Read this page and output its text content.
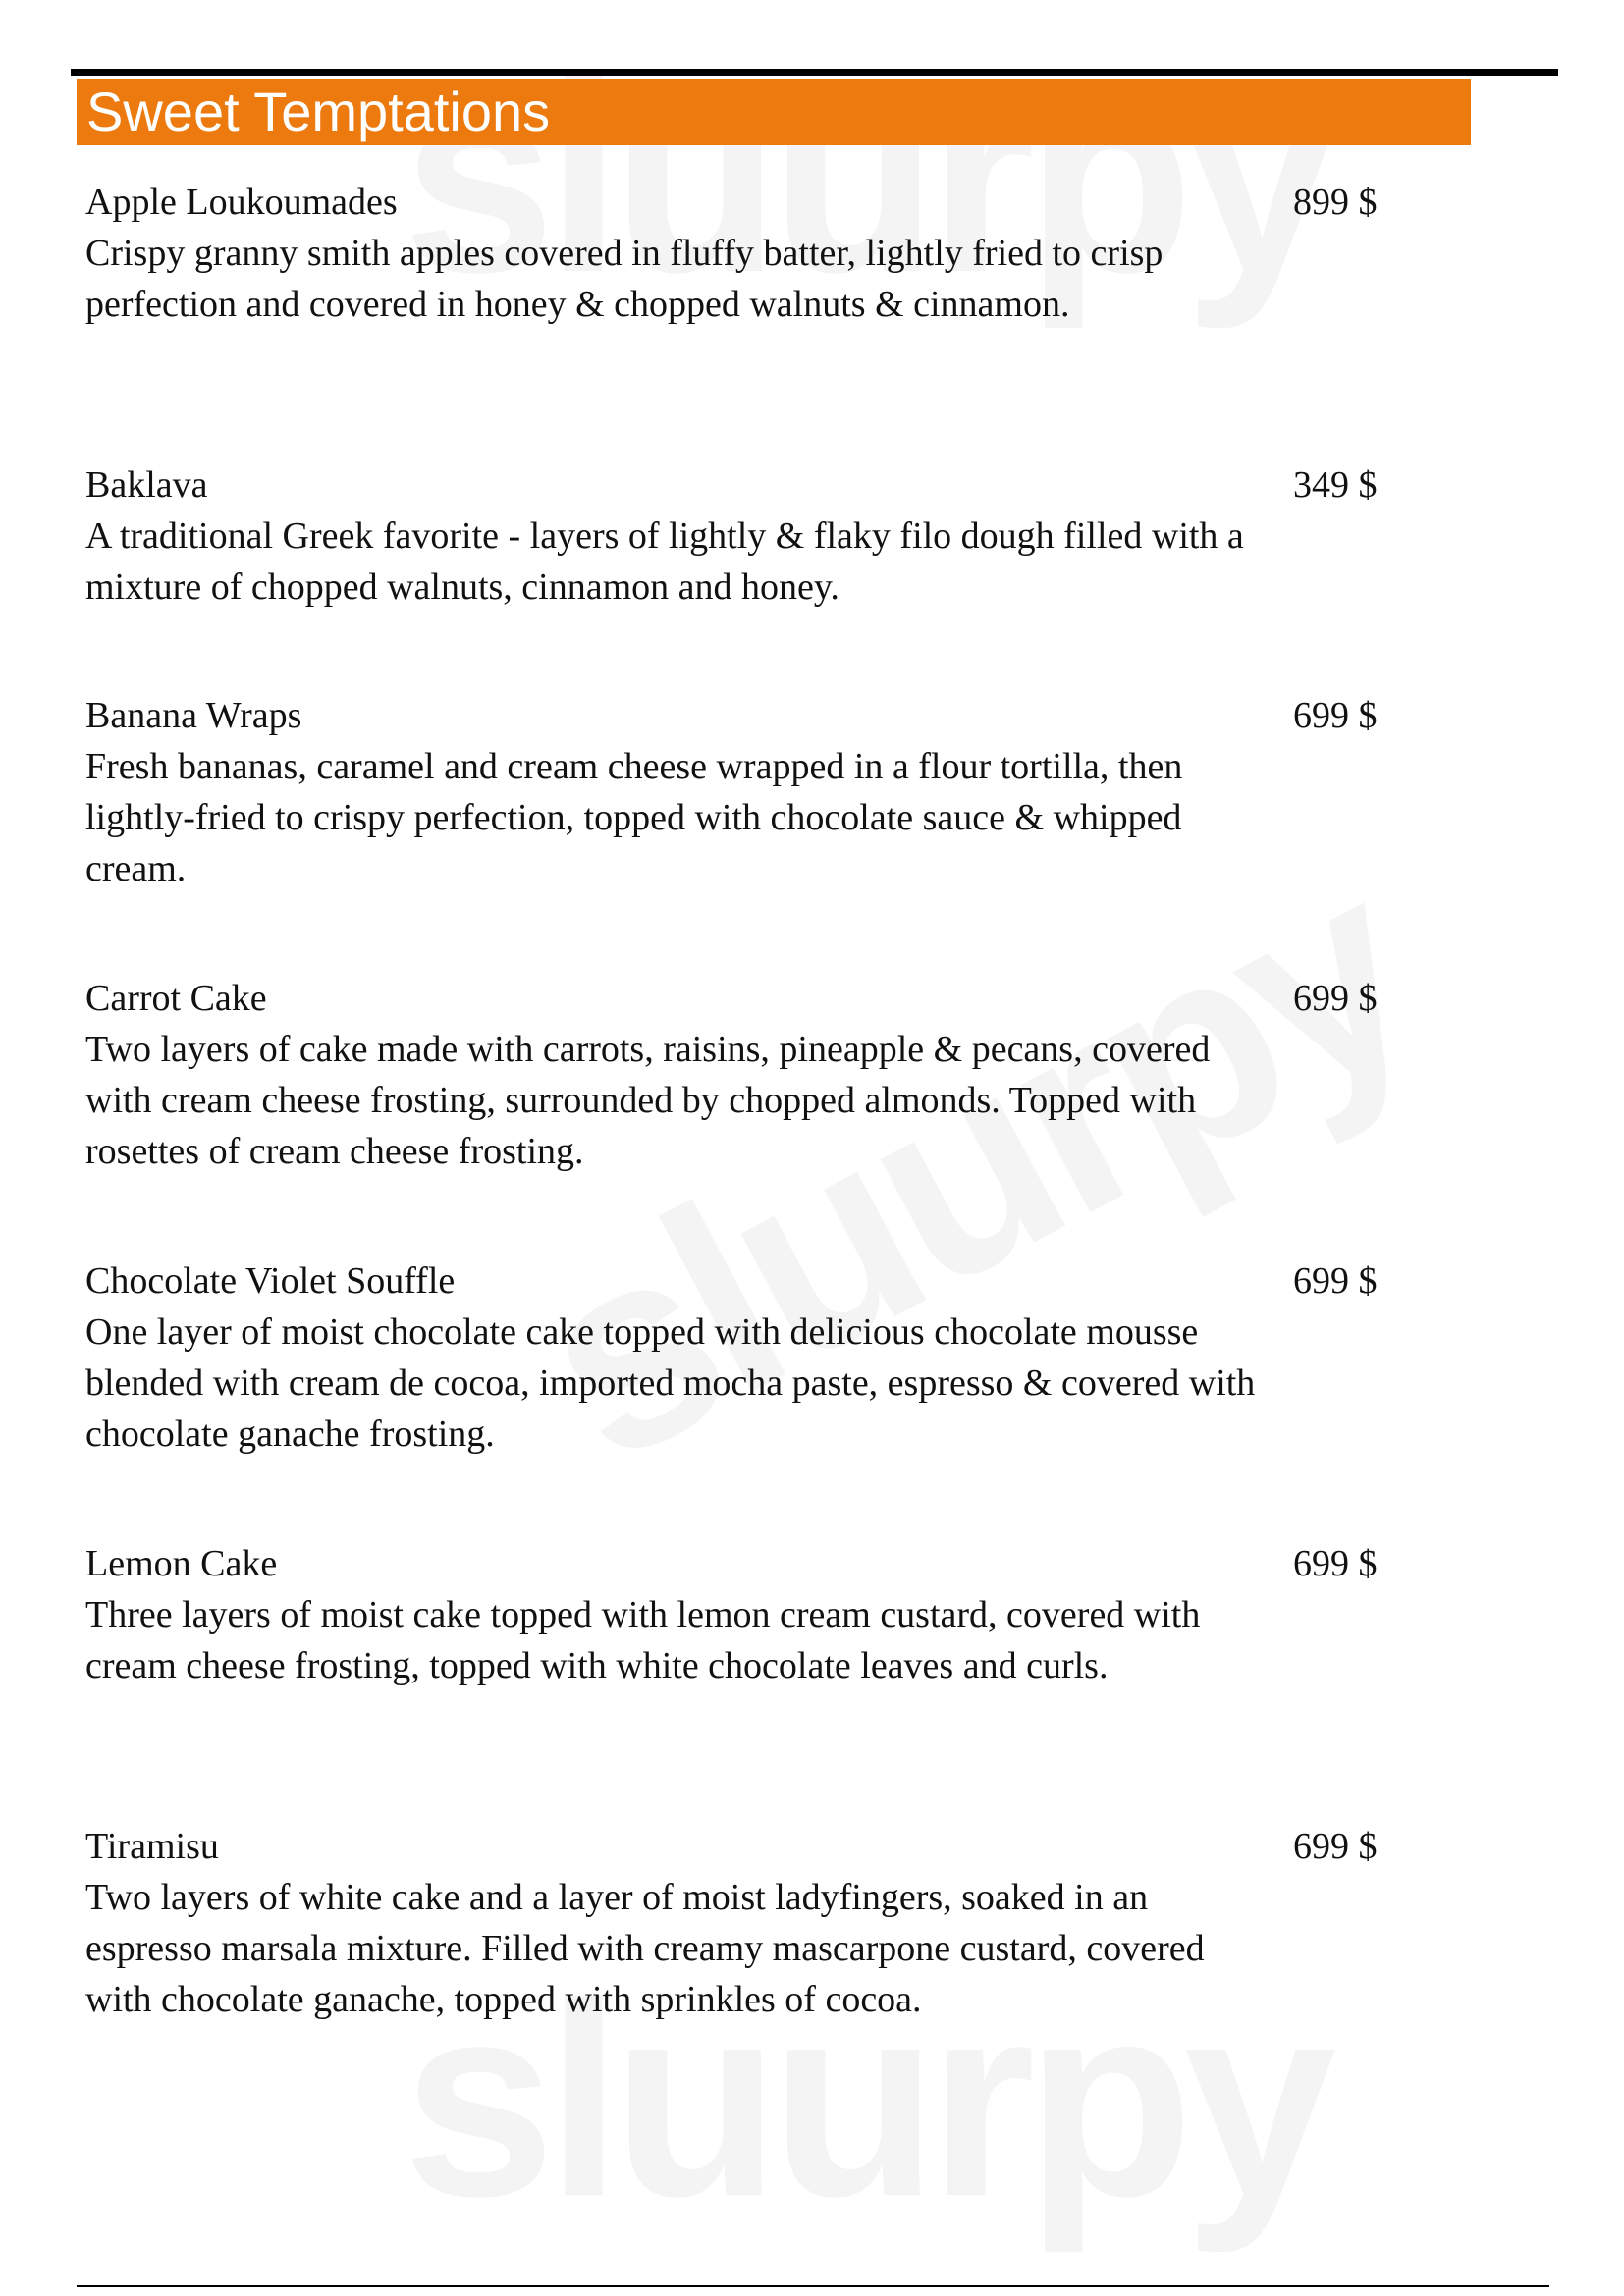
Sweet Temptations
Apple Loukoumades	899 $
Crispy granny smith apples covered in fluffy batter, lightly fried to crisp perfection and covered in honey & chopped walnuts & cinnamon.
Baklava	349 $
A traditional Greek favorite - layers of lightly & flaky filo dough filled with a mixture of chopped walnuts, cinnamon and honey.
Banana Wraps	699 $
Fresh bananas, caramel and cream cheese wrapped in a flour tortilla, then lightly-fried to crispy perfection, topped with chocolate sauce & whipped cream.
Carrot Cake	699 $
Two layers of cake made with carrots, raisins, pineapple & pecans, covered with cream cheese frosting, surrounded by chopped almonds. Topped with rosettes of cream cheese frosting.
Chocolate Violet Souffle	699 $
One layer of moist chocolate cake topped with delicious chocolate mousse blended with cream de cocoa, imported mocha paste, espresso & covered with chocolate ganache frosting.
Lemon Cake	699 $
Three layers of moist cake topped with lemon cream custard, covered with cream cheese frosting, topped with white chocolate leaves and curls.
Tiramisu	699 $
Two layers of white cake and a layer of moist ladyfingers, soaked in an espresso marsala mixture. Filled with creamy mascarpone custard, covered with chocolate ganache, topped with sprinkles of cocoa.
